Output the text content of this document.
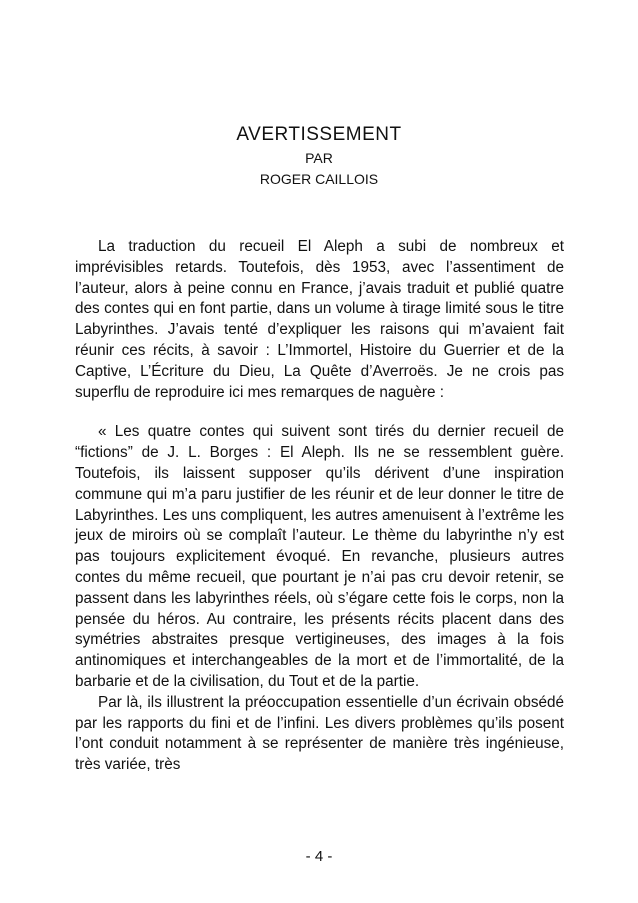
AVERTISSEMENT
PAR
ROGER CAILLOIS

La traduction du recueil El Aleph a subi de nombreux et imprévisibles retards. Toutefois, dès 1953, avec l’assentiment de l’auteur, alors à peine connu en France, j’avais traduit et publié quatre des contes qui en font partie, dans un volume à tirage limité sous le titre Labyrinthes. J’avais tenté d’expliquer les raisons qui m’avaient fait réunir ces récits, à savoir : L’Immortel, Histoire du Guerrier et de la Captive, L’Écriture du Dieu, La Quête d’Averroës. Je ne crois pas superflu de reproduire ici mes remarques de naguère :

« Les quatre contes qui suivent sont tirés du dernier recueil de “fictions” de J. L. Borges : El Aleph. Ils ne se ressemblent guère. Toutefois, ils laissent supposer qu’ils dérivent d’une inspiration commune qui m’a paru justifier de les réunir et de leur donner le titre de Labyrinthes. Les uns compliquent, les autres amenuisent à l’extrême les jeux de miroirs où se complaît l’auteur. Le thème du labyrinthe n’y est pas toujours explicitement évoqué. En revanche, plusieurs autres contes du même recueil, que pourtant je n’ai pas cru devoir retenir, se passent dans les labyrinthes réels, où s’égare cette fois le corps, non la pensée du héros. Au contraire, les présents récits placent dans des symétries abstraites presque vertigineuses, des images à la fois antinomiques et interchangeables de la mort et de l’immortalité, de la barbarie et de la civilisation, du Tout et de la partie.

Par là, ils illustrent la préoccupation essentielle d’un écrivain obsédé par les rapports du fini et de l’infini. Les divers problèmes qu’ils posent l’ont conduit notamment à se représenter de manière très ingénieuse, très variée, très

- 4 -
